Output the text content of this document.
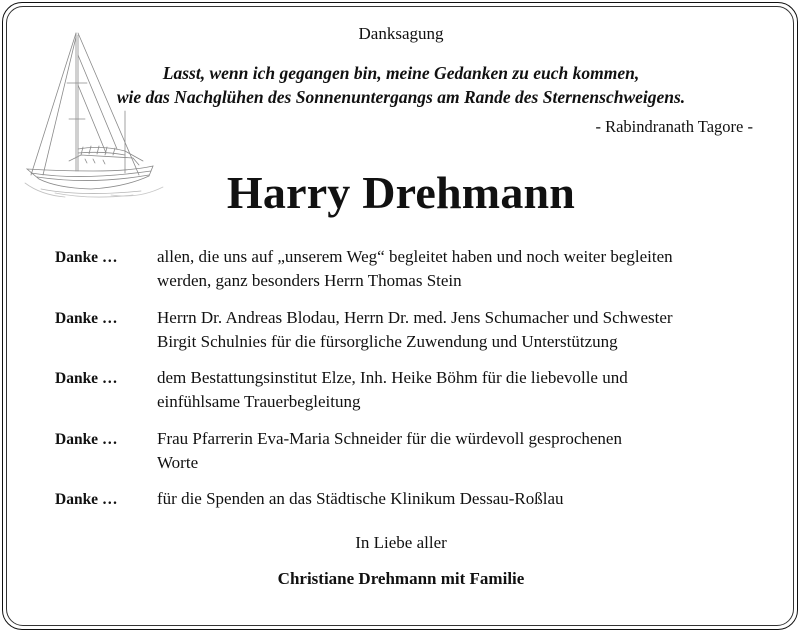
Danksagung
Lasst, wenn ich gegangen bin, meine Gedanken zu euch kommen,
wie das Nachglühen des Sonnenuntergangs am Rande des Sternenschweigens.
- Rabindranath Tagore -
Harry Drehmann
Danke … allen, die uns auf „unserem Weg“ begleitet haben und noch weiter begleiten
werden, ganz besonders Herrn Thomas Stein
Danke … Herrn Dr. Andreas Blodau, Herrn Dr. med. Jens Schumacher und Schwester
Birgit Schulnies für die fürsorgliche Zuwendung und Unterstützung
Danke … dem Bestattungsinstitut Elze, Inh. Heike Böhm für die liebevolle und
einfühlsame Trauerbegleitung
Danke … Frau Pfarrerin Eva-Maria Schneider für die würdevoll gesprochenen
Worte
Danke … für die Spenden an das Städtische Klinikum Dessau-Roßlau
In Liebe aller
Christiane Drehmann mit Familie
